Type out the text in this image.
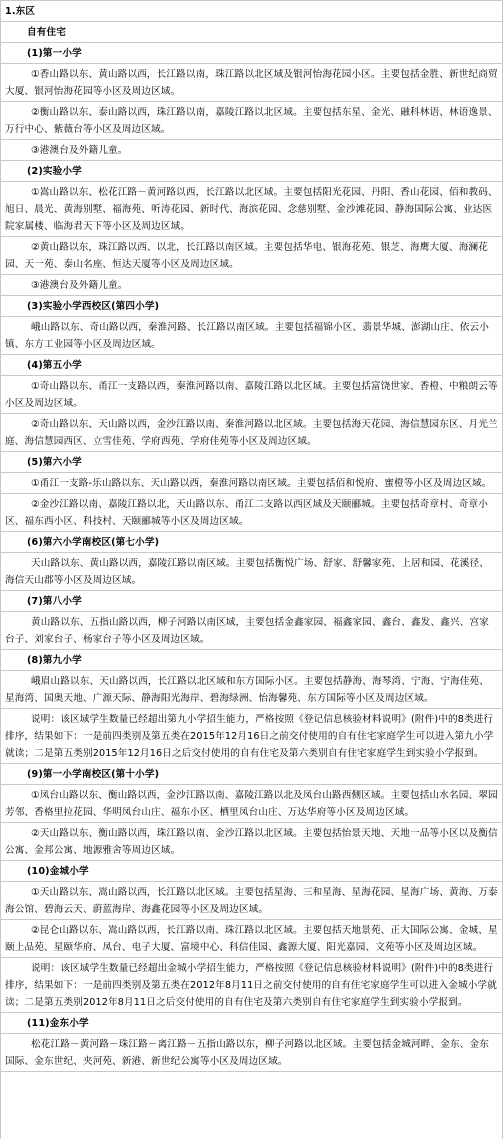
1.东区
自有住宅
(1)第一小学
①香山路以东、黄山路以西，长江路以南，珠江路以北区域及银河怡海花园小区。主要包括金胜、新世纪商贸大厦、银河怡海花园等小区及周边区域。
②衡山路以东、泰山路以西，珠江路以南，嘉陵江路以北区域。主要包括东星、金光、融科林语、林语逸景、万行中心、紫薇台等小区及周边区域。
③港澳台及外籍儿童。
(2)实验小学
①嵩山路以东、松花江路－黄河路以西，长江路以北区域。主要包括阳光花园、丹阳、香山花园、佰和教码、旭日、晨光、黄海别墅、福海苑、听涛花园、新时代、海滨花园、念慈别墅、金沙滩花园、静海国际公寓、业达医院家属楼、临海君天下等小区及周边区域。
②黄山路以东，珠江路以西、以北，长江路以南区域。主要包括华电、银海花苑、银芝、海鹰大厦、海澜花园、天一苑、泰山名座、恒达天厦等小区及周边区域。
③港澳台及外籍儿童。
(3)实验小学西校区(第四小学)
峨山路以东、奇山路以西，秦淮河路、长江路以南区域。主要包括福锦小区、翡景华城、澎湖山庄、依云小镇、东方工业园等小区及周边区域。
(4)第五小学
①奇山路以东、甬江一支路以西，秦淮河路以南、嘉陵江路以北区域。主要包括富饶世家、香橙、中粮朗云等小区及周边区域。
②奇山路以东、天山路以西，金沙江路以南、秦淮河路以北区域。主要包括海天花园、海信慧园东区、月光兰庭、海信慧园西区、立雪佳苑、学府西苑、学府佳苑等小区及周边区域。
(5)第六小学
①甬江一支路-乐山路以东、天山路以西，秦淮河路以南区域。主要包括佰和悦府、蜜橙等小区及周边区域。
②金沙江路以南、嘉陵江路以北，天山路以东、甬江二支路以西区域及天颐郦城。主要包括奇章村、奇章小区、福东西小区、科技村、天颐郦城等小区及周边区域。
(6)第六小学南校区(第七小学)
天山路以东、黄山路以西，嘉陵江路以南区域。主要包括衡悦广场、舒家、舒馨家苑、上居和园、花溪径、海信天山郡等小区及周边区域。
(7)第八小学
黄山路以东、五指山路以西，柳子河路以南区域，主要包括金鑫家园、福鑫家园、鑫台、鑫发、鑫兴、宫家台子、刘家台子、杨家台子等小区及周边区域。
(8)第九小学
峨眉山路以东、天山路以西，长江路以北区域和东方国际小区。主要包括静海、海琴湾、宁海、宁海佳苑、星海湾、国奥天地、广源天际、静海阳光海岸、碧海绿洲、怡海馨苑、东方国际等小区及周边区域。
说明：该区域学生数量已经超出第九小学招生能力，严格按照《登记信息核验材料说明》(附件)中的8类进行排序，结果如下：一是前四类别及第五类在2015年12月16日之前交付使用的自有住宅家庭学生可以进入第九小学就读；二是第五类别2015年12月16日之后交付使用的自有住宅及第六类别自有住宅家庭学生到实验小学报到。
(9)第一小学南校区(第十小学)
①凤台山路以东、衡山路以西，金沙江路以南、嘉陵江路以北及凤台山路西侧区域。主要包括山水名园、翠园芳邻、香格里拉花园、华明凤台山庄、福东小区、栖里凤台山庄、万达华府等小区及周边区域。
②天山路以东、衡山路以西，珠江路以南、金沙江路以北区域。主要包括怡景天地、天地一品等小区以及衡信公寓、金邦公寓、地源雅舍等周边区域。
(10)金城小学
①天山路以东、嵩山路以西，长江路以北区域。主要包括星海、三和星海、星海花园、星海广场、黄海、万泰海公馆、碧海云天、蔚蓝海岸、海鑫花园等小区及周边区域。
②昆仑山路以东、嵩山路以西，长江路以南、珠江路以北区域。主要包括天地景苑、正大国际公寓、金城、星颐上品苑、星颐华府、凤台、电子大厦、富境中心、科信佳园、鑫源大厦、阳光嘉园、文苑等小区及周边区域。
说明：该区域学生数量已经超出金城小学招生能力，严格按照《登记信息核验材料说明》(附件)中的8类进行排序，结果如下：一是前四类别及第五类在2012年8月11日之前交付使用的自有住宅家庭学生可以进入金城小学就读；二是第五类别2012年8月11日之后交付使用的自有住宅及第六类别自有住宅家庭学生到实验小学报到。
(11)金东小学
松花江路－黄河路－珠江路－离江路－五指山路以东，柳子河路以北区域。主要包括金城河畔、金东、金东国际、金东世纪、夹河苑、新港、新世纪公寓等小区及周边区域。
